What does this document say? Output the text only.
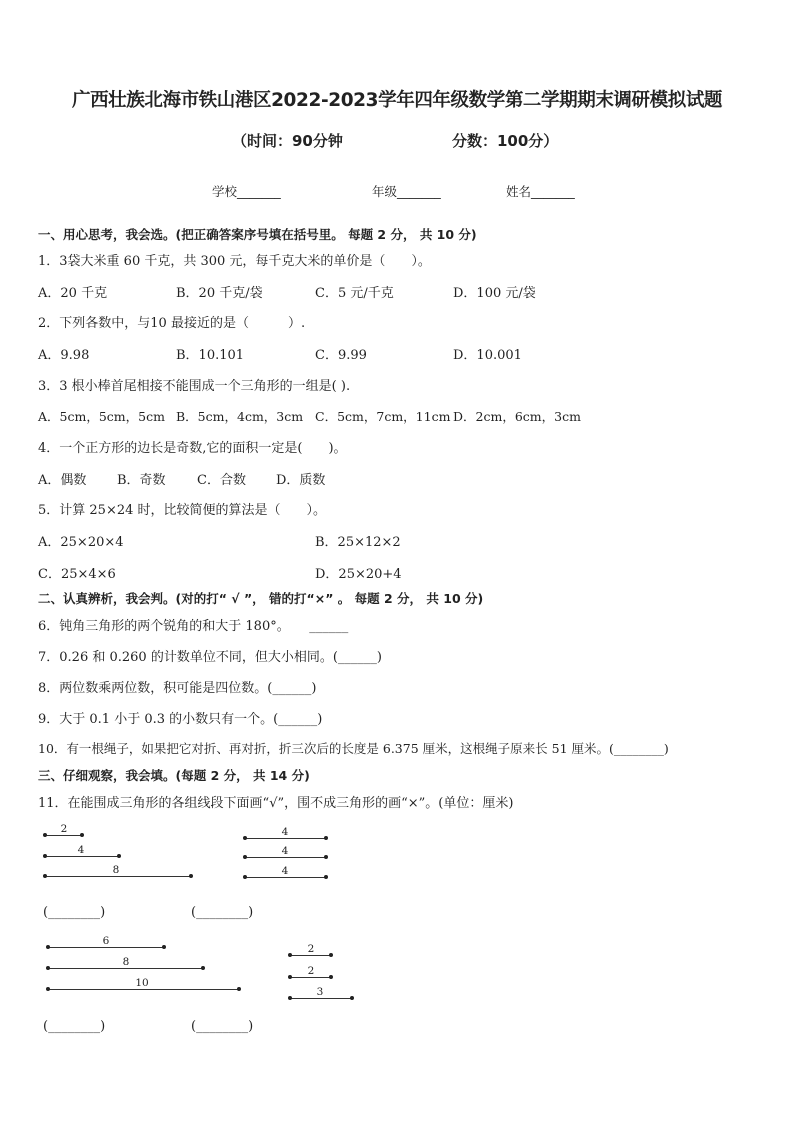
广西壮族北海市铁山港区2022-2023学年四年级数学第二学期期末调研模拟试题
（时间：90分钟	分数：100分）
学校_______	年级_______	姓名_______
一、用心思考，我会选。(把正确答案序号填在括号里。 每题 2 分， 共 10 分)
1．3袋大米重 60 千克，共 300 元，每千克大米的单价是（　　）。
A．20 千克	B．20 千克/袋	C．5 元/千克	D．100 元/袋
2．下列各数中，与10 最接近的是（　　　）.
A．9.98	B．10.101	C．9.99	D．10.001
3．3 根小棒首尾相接不能围成一个三角形的一组是( ).
A．5cm，5cm，5cm B．5cm，4cm，3cm C．5cm，7cm，11cm D．2cm，6cm，3cm
4．一个正方形的边长是奇数,它的面积一定是(　　)。
A．偶数 B．奇数 C．合数 D．质数
5．计算 25×24 时，比较简便的算法是（　　）。
A．25×20×4	B．25×12×2
C．25×4×6	D．25×20+4
二、认真辨析，我会判。(对的打“ √ ”， 错的打“×” 。 每题 2 分， 共 10 分)
6．钝角三角形的两个锐角的和大于 180°。　　______
7．0.26 和 0.260 的计数单位不同，但大小相同。(______)
8．两位数乘两位数，积可能是四位数。(______)
9．大于 0.1 小于 0.3 的小数只有一个。(______)
10．有一根绳子，如果把它对折、再对折，折三次后的长度是 6.375 厘米，这根绳子原来长 51 厘米。(________)
三、仔细观察，我会填。(每题 2 分， 共 14 分)
11．在能围成三角形的各组线段下面画“√”，围不成三角形的画“×”。(单位：厘米)
2
4
8
4
4
4
(________)	(________)
6
8
10
2
2
3
(________)	(________)
